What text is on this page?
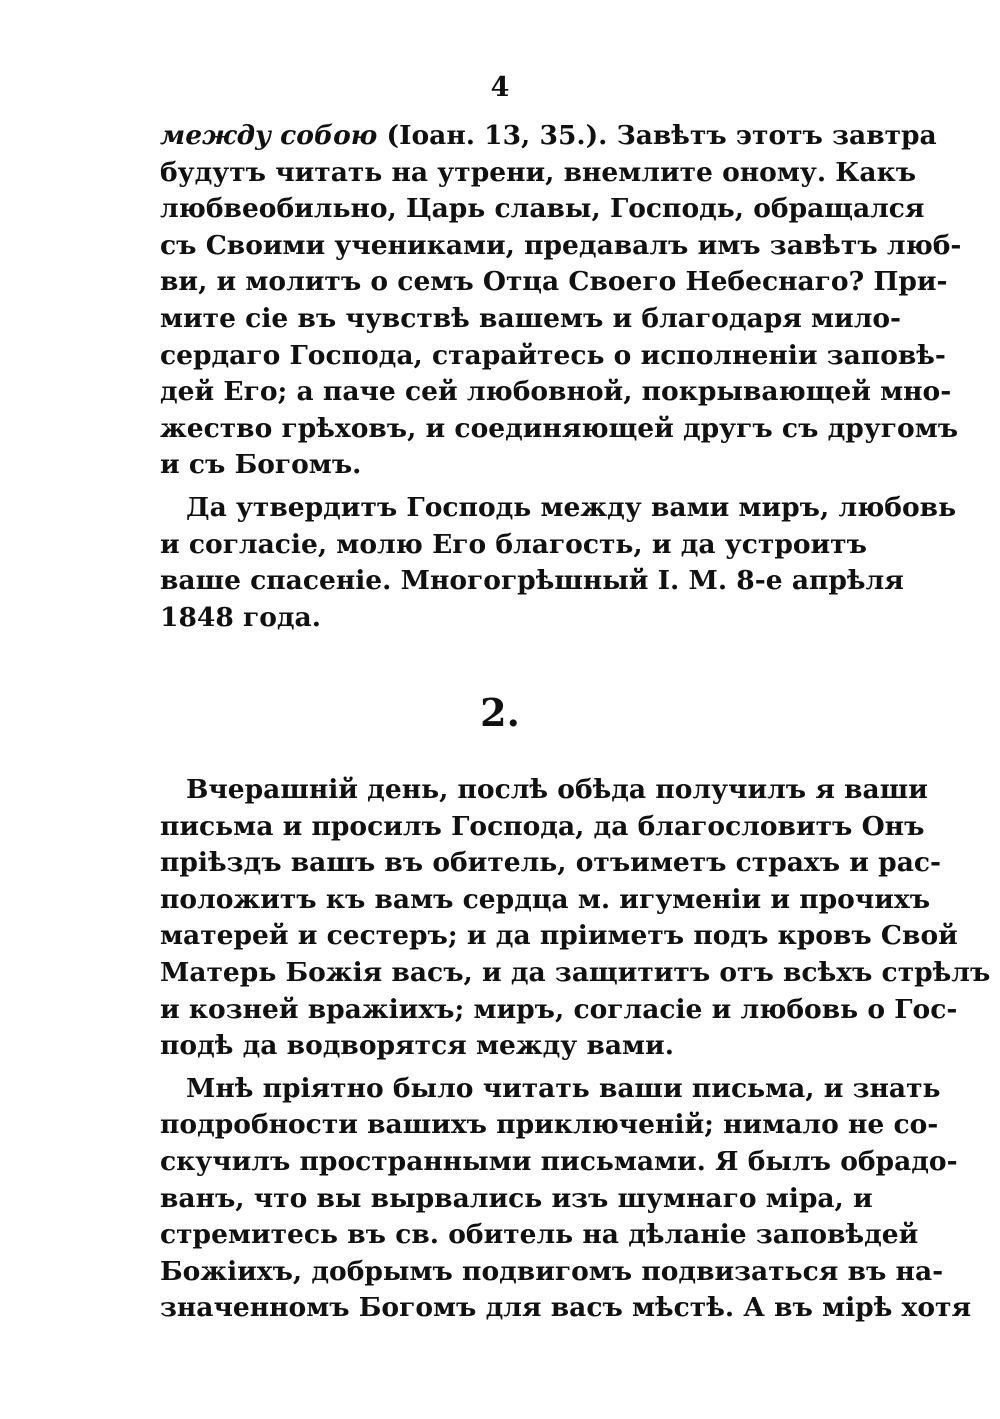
4
между собою (Іоан. 13, 35.). Завѣтъ этотъ завтра
будутъ читать на утрени, внемлите оному. Какъ
любвеобильно, Царь славы, Господь, обращался
съ Своими учениками, предавалъ имъ завѣтъ люб-
ви, и молитъ о семъ Отца Своего Небеснаго? При-
мите сіе въ чувствѣ вашемъ и благодаря мило-
сердаго Господа, старайтесь о исполненіи заповѣ-
дей Его; а паче сей любовной, покрывающей мно-
жество грѣховъ, и соединяющей другъ съ другомъ
и съ Богомъ.
Да утвердитъ Господь между вами миръ, любовь
и согласіе, молю Его благость, и да устроитъ
ваше спасеніе. Многогрѣшный І. М. 8-е апрѣля
1848 года.
2.
Вчерашній день, послѣ обѣда получилъ я ваши
письма и просилъ Господа, да благословитъ Онъ
пріѣздъ вашъ въ обитель, отъиметъ страхъ и рас-
положитъ къ вамъ сердца м. игуменіи и прочихъ
матерей и сестеръ; и да пріиметъ подъ кровъ Свой
Матерь Божія васъ, и да защититъ отъ всѣхъ стрѣлъ
и козней вражіихъ; миръ, согласіе и любовь о Гос-
подѣ да водворятся между вами.
Мнѣ пріятно было читать ваши письма, и знать
подробности вашихъ приключеній; нимало не со-
скучилъ пространными письмами. Я былъ обрадо-
ванъ, что вы вырвались изъ шумнаго міра, и
стремитесь въ св. обитель на дѣланіе заповѣдей
Божіихъ, добрымъ подвигомъ подвизаться въ на-
значенномъ Богомъ для васъ мѣстѣ. А въ мірѣ хотя
